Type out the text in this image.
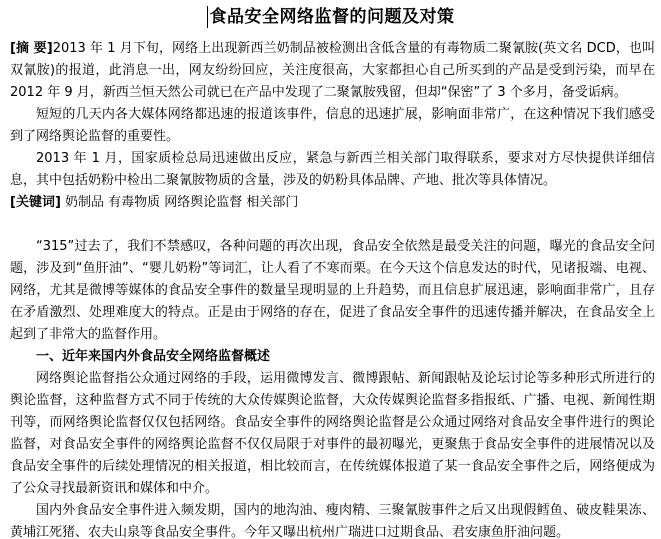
食品安全网络监督的问题及对策

[摘 要]2013 年 1 月下旬，网络上出现新西兰奶制品被检测出含低含量的有毒物质二聚氰胺(英文名 DCD，也叫双氰胺)的报道，此消息一出，网友纷纷回应，关注度很高，大家都担心自己所买到的产品是受到污染，而早在 2012 年 9 月，新西兰恒天然公司就已在产品中发现了二聚氰胺残留，但却“保密”了 3 个多月，备受诟病。

短短的几天内各大媒体网络都迅速的报道该事件，信息的迅速扩展，影响面非常广，在这种情况下我们感受到了网络舆论监督的重要性。

2013 年 1 月，国家质检总局迅速做出反应，紧急与新西兰相关部门取得联系，要求对方尽快提供详细信息，其中包括奶粉中检出二聚氰胺物质的含量，涉及的奶粉具体品牌、产地、批次等具体情况。

[关键词] 奶制品 有毒物质 网络舆论监督 相关部门

“315”过去了，我们不禁感叹，各种问题的再次出现，食品安全依然是最受关注的问题，曝光的食品安全问题，涉及到“鱼肝油”、“婴儿奶粉”等词汇，让人看了不寒而栗。在今天这个信息发达的时代，见诸报端、电视、网络，尤其是微博等媒体的食品安全事件的数量呈现明显的上升趋势，而且信息扩展迅速，影响面非常广，且存在矛盾激烈、处理难度大的特点。正是由于网络的存在，促进了食品安全事件的迅速传播并解决，在食品安全上起到了非常大的监督作用。

一、近年来国内外食品安全网络监督概述

网络舆论监督指公众通过网络的手段，运用微博发言、微博跟帖、新闻跟帖及论坛讨论等多种形式所进行的舆论监督，这种监督方式不同于传统的大众传媒舆论监督，大众传媒舆论监督多指报纸、广播、电视、新闻性期刊等，而网络舆论监督仅仅包括网络。食品安全事件的网络舆论监督是公众通过网络对食品安全事件进行的舆论监督，对食品安全事件的网络舆论监督不仅仅局限于对事件的最初曝光，更聚焦于食品安全事件的进展情况以及食品安全事件的后续处理情况的相关报道，相比较而言，在传统媒体报道了某一食品安全事件之后，网络便成为了公众寻找最新资讯和媒体和中介。

国内外食品安全事件进入频发期，国内的地沟油、瘦肉精、三聚氰胺事件之后又出现假鳕鱼、破皮鞋果冻、黄埔江死猪、农夫山泉等食品安全事件。今年又曝出杭州广瑞进口过期食品、君安康鱼肝油问题。
